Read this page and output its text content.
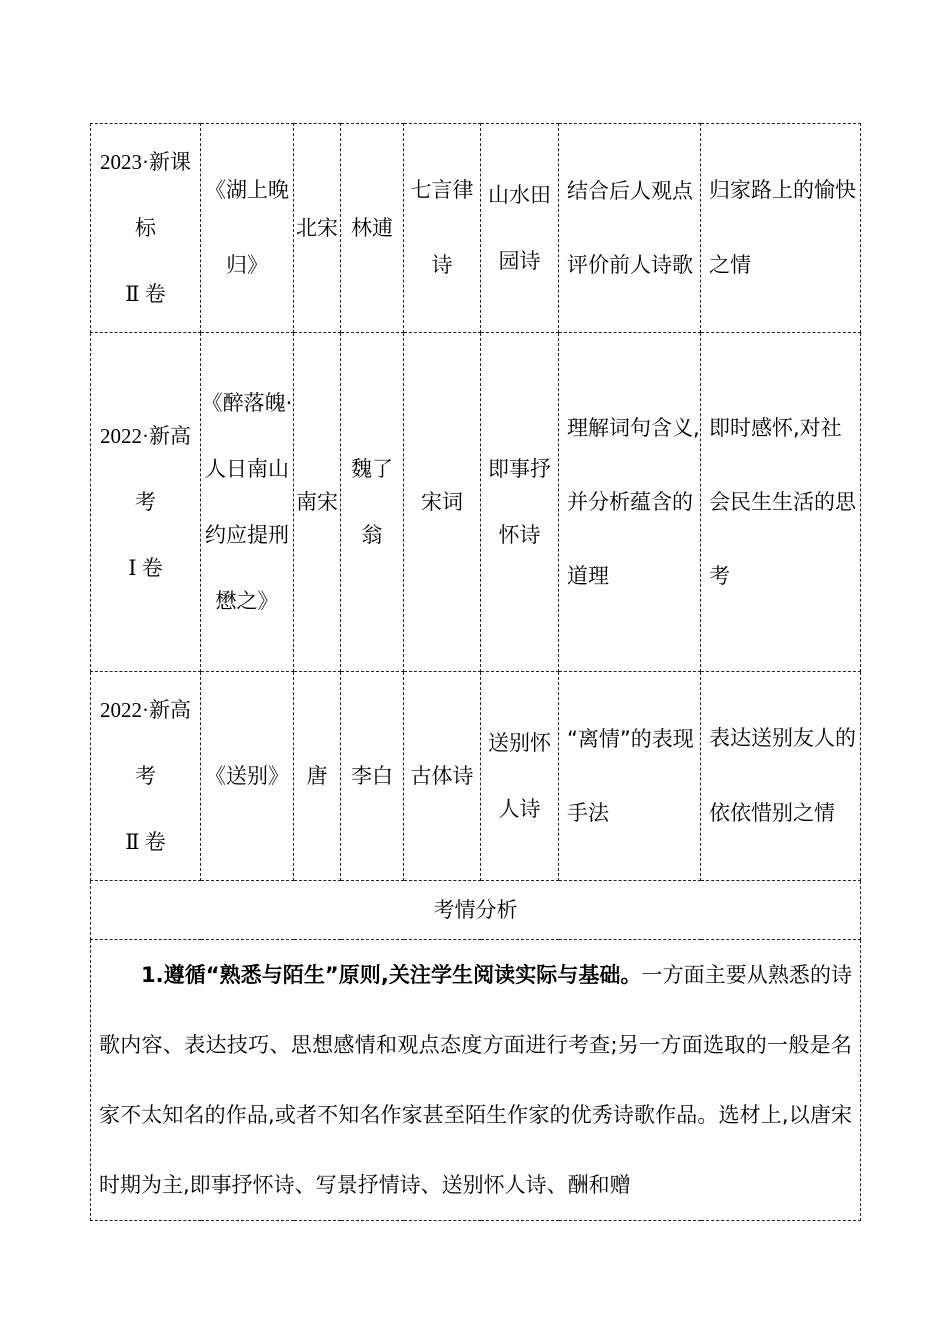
2023·新课
标
Ⅱ 卷	《湖上晚归》	北宋	林逋	七言律诗	山水田园诗	结合后人观点评价前人诗歌	归家路上的愉快之情

2022·新高
考
Ⅰ 卷	《醉落魄·人日南山约应提刑懋之》	南宋	魏了翁	宋词	即事抒怀诗	理解词句含义,并分析蕴含的道理	即时感怀,对社会民生生活的思考

2022·新高
考
Ⅱ 卷	《送别》	唐	李白	古体诗	送别怀人诗	“离情”的表现手法	表达送别友人的依依惜别之情
考情分析							
1.遵循“熟悉与陌生”原则,关注学生阅读实际与基础。一方面主要从熟悉的诗歌内容、表达技巧、思想感情和观点态度方面进行考查;另一方面选取的一般是名家不太知名的作品,或者不知名作家甚至陌生作家的优秀诗歌作品。选材上,以唐宋时期为主,即事抒怀诗、写景抒情诗、送别怀人诗、酬和赠							
